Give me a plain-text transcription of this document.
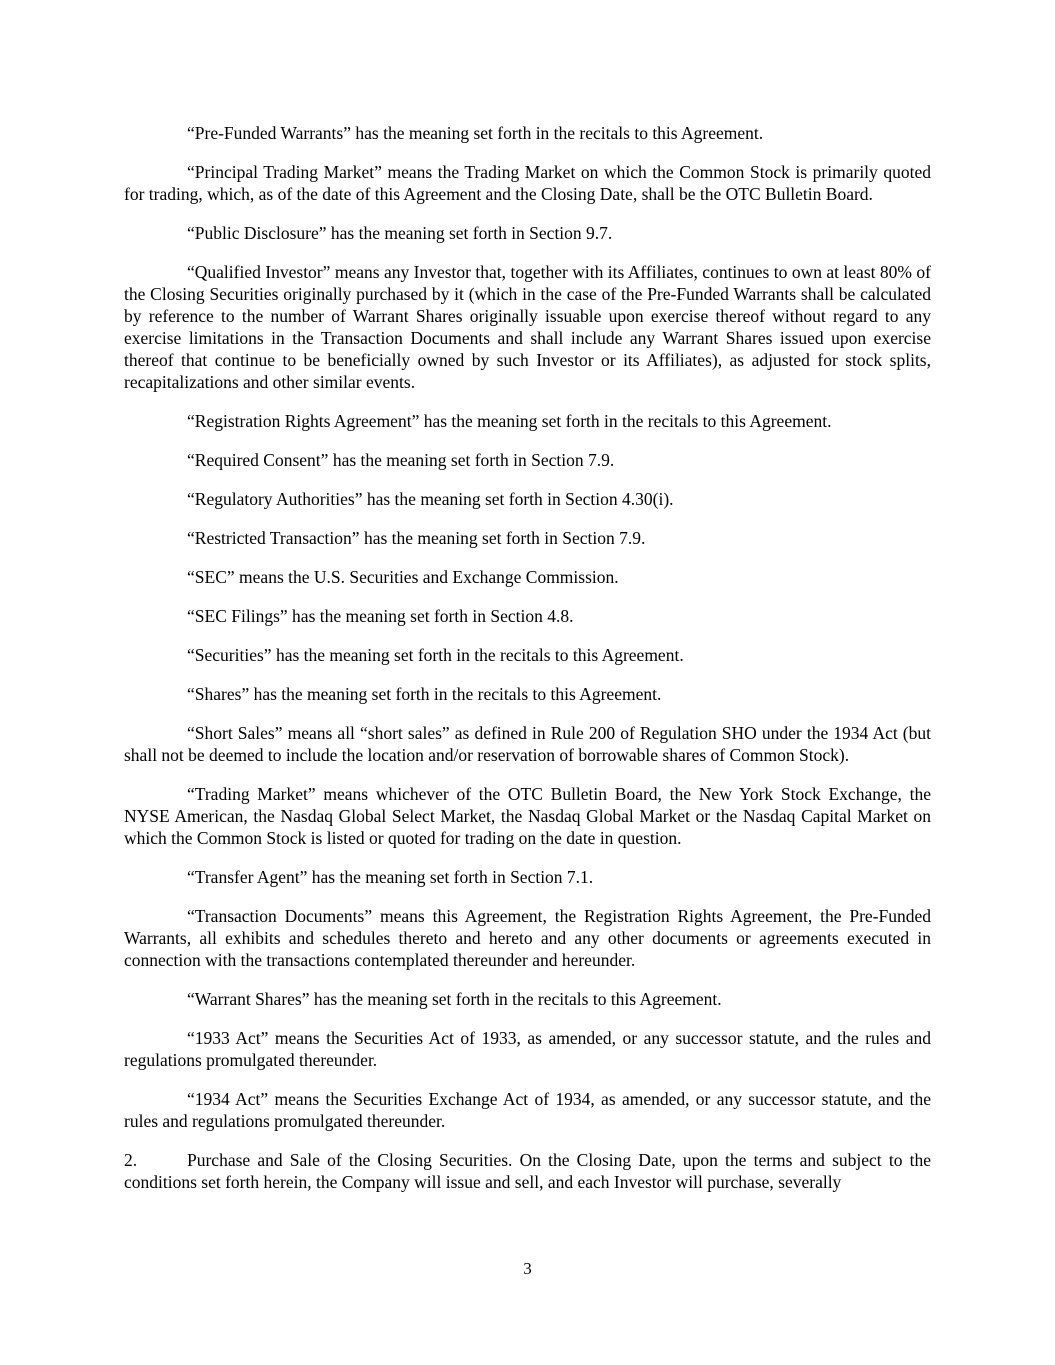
“Pre-Funded Warrants” has the meaning set forth in the recitals to this Agreement.

“Principal Trading Market” means the Trading Market on which the Common Stock is primarily quoted for trading, which, as of the date of this Agreement and the Closing Date, shall be the OTC Bulletin Board.

“Public Disclosure” has the meaning set forth in Section 9.7.

“Qualified Investor” means any Investor that, together with its Affiliates, continues to own at least 80% of the Closing Securities originally purchased by it (which in the case of the Pre-Funded Warrants shall be calculated by reference to the number of Warrant Shares originally issuable upon exercise thereof without regard to any exercise limitations in the Transaction Documents and shall include any Warrant Shares issued upon exercise thereof that continue to be beneficially owned by such Investor or its Affiliates), as adjusted for stock splits, recapitalizations and other similar events.

“Registration Rights Agreement” has the meaning set forth in the recitals to this Agreement.

“Required Consent” has the meaning set forth in Section 7.9.

“Regulatory Authorities” has the meaning set forth in Section 4.30(i).

“Restricted Transaction” has the meaning set forth in Section 7.9.

“SEC” means the U.S. Securities and Exchange Commission.

“SEC Filings” has the meaning set forth in Section 4.8.

“Securities” has the meaning set forth in the recitals to this Agreement.

“Shares” has the meaning set forth in the recitals to this Agreement.

“Short Sales” means all “short sales” as defined in Rule 200 of Regulation SHO under the 1934 Act (but shall not be deemed to include the location and/or reservation of borrowable shares of Common Stock).

“Trading Market” means whichever of the OTC Bulletin Board, the New York Stock Exchange, the NYSE American, the Nasdaq Global Select Market, the Nasdaq Global Market or the Nasdaq Capital Market on which the Common Stock is listed or quoted for trading on the date in question.

“Transfer Agent” has the meaning set forth in Section 7.1.

“Transaction Documents” means this Agreement, the Registration Rights Agreement, the Pre-Funded Warrants, all exhibits and schedules thereto and hereto and any other documents or agreements executed in connection with the transactions contemplated thereunder and hereunder.

“Warrant Shares” has the meaning set forth in the recitals to this Agreement.

“1933 Act” means the Securities Act of 1933, as amended, or any successor statute, and the rules and regulations promulgated thereunder.

“1934 Act” means the Securities Exchange Act of 1934, as amended, or any successor statute, and the rules and regulations promulgated thereunder.

2.	Purchase and Sale of the Closing Securities. On the Closing Date, upon the terms and subject to the conditions set forth herein, the Company will issue and sell, and each Investor will purchase, severally

3
